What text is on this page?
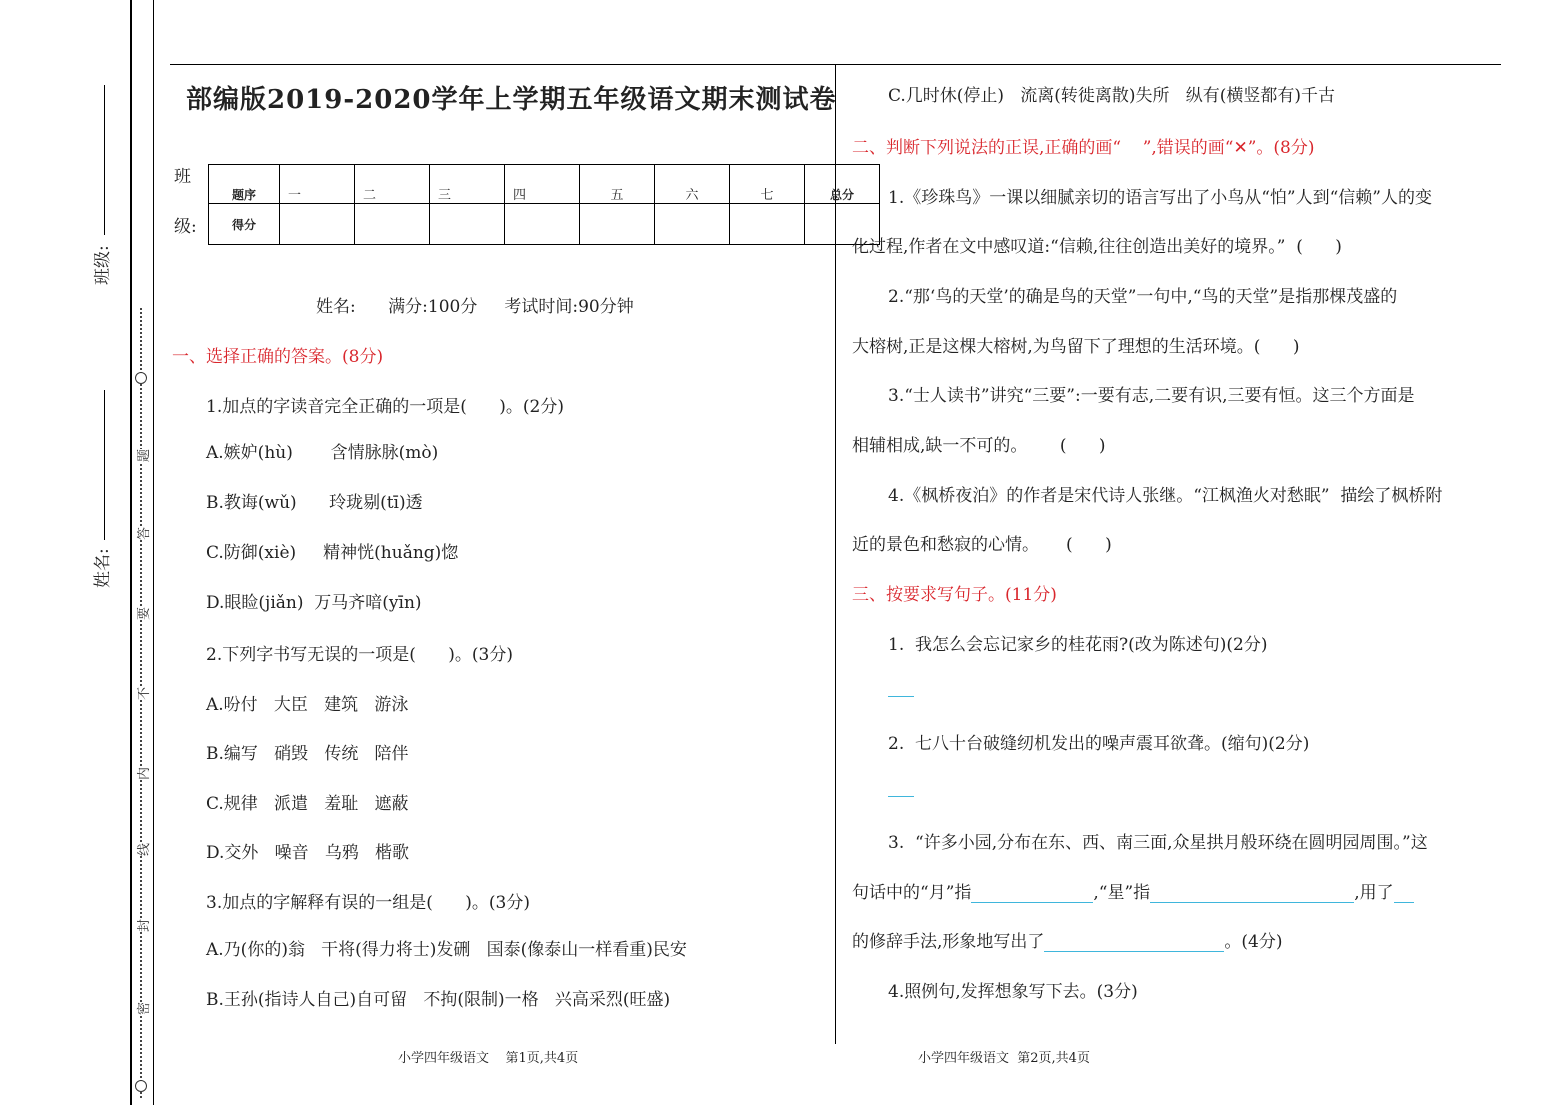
班级:
姓名:
密
封
线
内
不
要
答
题
部编版2019-2020学年上学期五年级语文期末测试卷
班
级:
题序	一	二	三	四	五	六	七	总分
得分								
姓名:      满分:100分     考试时间:90分钟
一、选择正确的答案。(8分)
1.加点的字读音完全正确的一项是(      )。(2分)
A.嫉妒(hù)       含情脉脉(mò)
B.教诲(wǔ)      玲珑剔(tī)透
C.防御(xiè)     精神恍(huǎng)惚
D.眼睑(jiǎn)  万马齐喑(yīn)
2.下列字书写无误的一项是(      )。(3分)
A.吩付   大臣   建筑   游泳
B.编写   硝毁   传统   陪伴
C.规律   派遣   羞耻   遮蔽
D.交外   噪音   乌鸦   楷歌
3.加点的字解释有误的一组是(      )。(3分)
A.乃(你的)翁   干将(得力将士)发硎   国泰(像泰山一样看重)民安
B.王孙(指诗人自己)自可留   不拘(限制)一格   兴高采烈(旺盛)
小学四年级语文    第1页,共4页
C.几时休(停止)   流离(转徙离散)失所   纵有(横竖都有)千古
二、判断下列说法的正误,正确的画“    ”,错误的画“✕”。(8分)
1.《珍珠鸟》一课以细腻亲切的语言写出了小鸟从“怕”人到“信赖”人的变
化过程,作者在文中感叹道:“信赖,往往创造出美好的境界。”  (      )
2.“那‘鸟的天堂’的确是鸟的天堂”一句中,“鸟的天堂”是指那棵茂盛的
大榕树,正是这棵大榕树,为鸟留下了理想的生活环境。(      )
3.“士人读书”讲究“三要”:一要有志,二要有识,三要有恒。这三个方面是
相辅相成,缺一不可的。      (      )
4.《枫桥夜泊》的作者是宋代诗人张继。“江枫渔火对愁眠”  描绘了枫桥附
近的景色和愁寂的心情。     (      )
三、按要求写句子。(11分)
1.  我怎么会忘记家乡的桂花雨?(改为陈述句)(2分)
2.  七八十台破缝纫机发出的噪声震耳欲聋。(缩句)(2分)
3.  “许多小园,分布在东、西、南三面,众星拱月般环绕在圆明园周围。”这
句话中的“月”指	,“星”指	,用了
的修辞手法,形象地写出了	。(4分)
4.照例句,发挥想象写下去。(3分)
小学四年级语文  第2页,共4页
